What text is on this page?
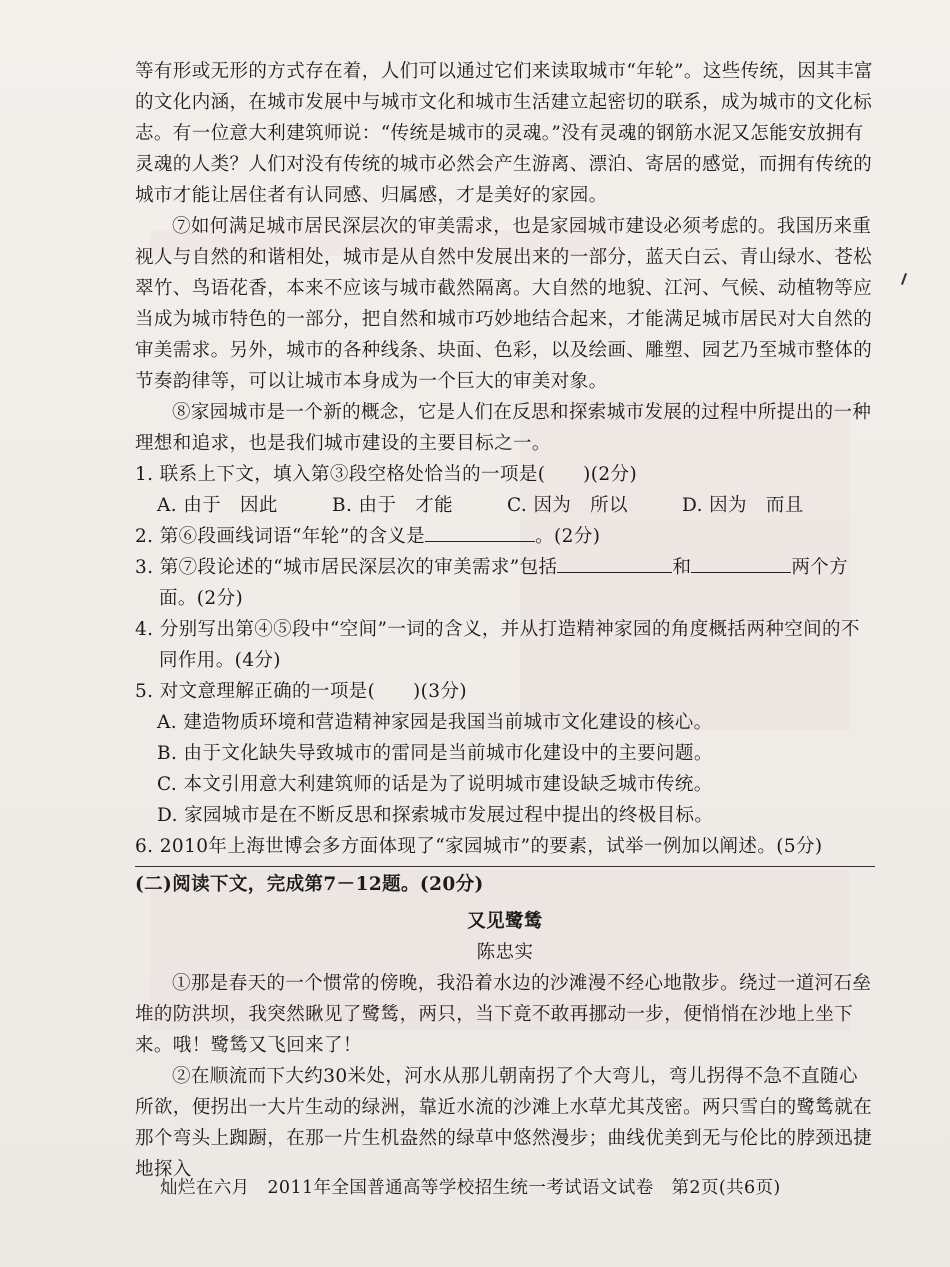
等有形或无形的方式存在着，人们可以通过它们来读取城市“年轮”。这些传统，因其丰富的文化内涵，在城市发展中与城市文化和城市生活建立起密切的联系，成为城市的文化标志。有一位意大利建筑师说：“传统是城市的灵魂。”没有灵魂的钢筋水泥又怎能安放拥有灵魂的人类？人们对没有传统的城市必然会产生游离、漂泊、寄居的感觉，而拥有传统的城市才能让居住者有认同感、归属感，才是美好的家园。

⑦如何满足城市居民深层次的审美需求，也是家园城市建设必须考虑的。我国历来重视人与自然的和谐相处，城市是从自然中发展出来的一部分，蓝天白云、青山绿水、苍松翠竹、鸟语花香，本来不应该与城市截然隔离。大自然的地貌、江河、气候、动植物等应当成为城市特色的一部分，把自然和城市巧妙地结合起来，才能满足城市居民对大自然的审美需求。另外，城市的各种线条、块面、色彩，以及绘画、雕塑、园艺乃至城市整体的节奏韵律等，可以让城市本身成为一个巨大的审美对象。

⑧家园城市是一个新的概念，它是人们在反思和探索城市发展的过程中所提出的一种理想和追求，也是我们城市建设的主要目标之一。

1. 联系上下文，填入第③段空格处恰当的一项是(　　)(2分)

A. 由于　因此	B. 由于　才能	C. 因为　所以	D. 因为　而且

2. 第⑥段画线词语“年轮”的含义是	。(2分)

3. 第⑦段论述的“城市居民深层次的审美需求”包括	和	两个方面。(2分)

4. 分别写出第④⑤段中“空间”一词的含义，并从打造精神家园的角度概括两种空间的不同作用。(4分)

5. 对文意理解正确的一项是(　　)(3分)

A. 建造物质环境和营造精神家园是我国当前城市文化建设的核心。

B. 由于文化缺失导致城市的雷同是当前城市化建设中的主要问题。

C. 本文引用意大利建筑师的话是为了说明城市建设缺乏城市传统。

D. 家园城市是在不断反思和探索城市发展过程中提出的终极目标。

6. 2010年上海世博会多方面体现了“家园城市”的要素，试举一例加以阐述。(5分)

(二)阅读下文，完成第7－12题。(20分)

又见鹭鸶

陈忠实

①那是春天的一个惯常的傍晚，我沿着水边的沙滩漫不经心地散步。绕过一道河石垒堆的防洪坝，我突然瞅见了鹭鸶，两只，当下竟不敢再挪动一步，便悄悄在沙地上坐下来。哦！鹭鸶又飞回来了！

②在顺流而下大约30米处，河水从那儿朝南拐了个大弯儿，弯儿拐得不急不直随心所欲，便拐出一大片生动的绿洲，靠近水流的沙滩上水草尤其茂密。两只雪白的鹭鸶就在那个弯头上踟蹰，在那一片生机盎然的绿草中悠然漫步；曲线优美到无与伦比的脖颈迅捷地探入

灿烂在六月　2011年全国普通高等学校招生统一考试语文试卷　第2页(共6页)
